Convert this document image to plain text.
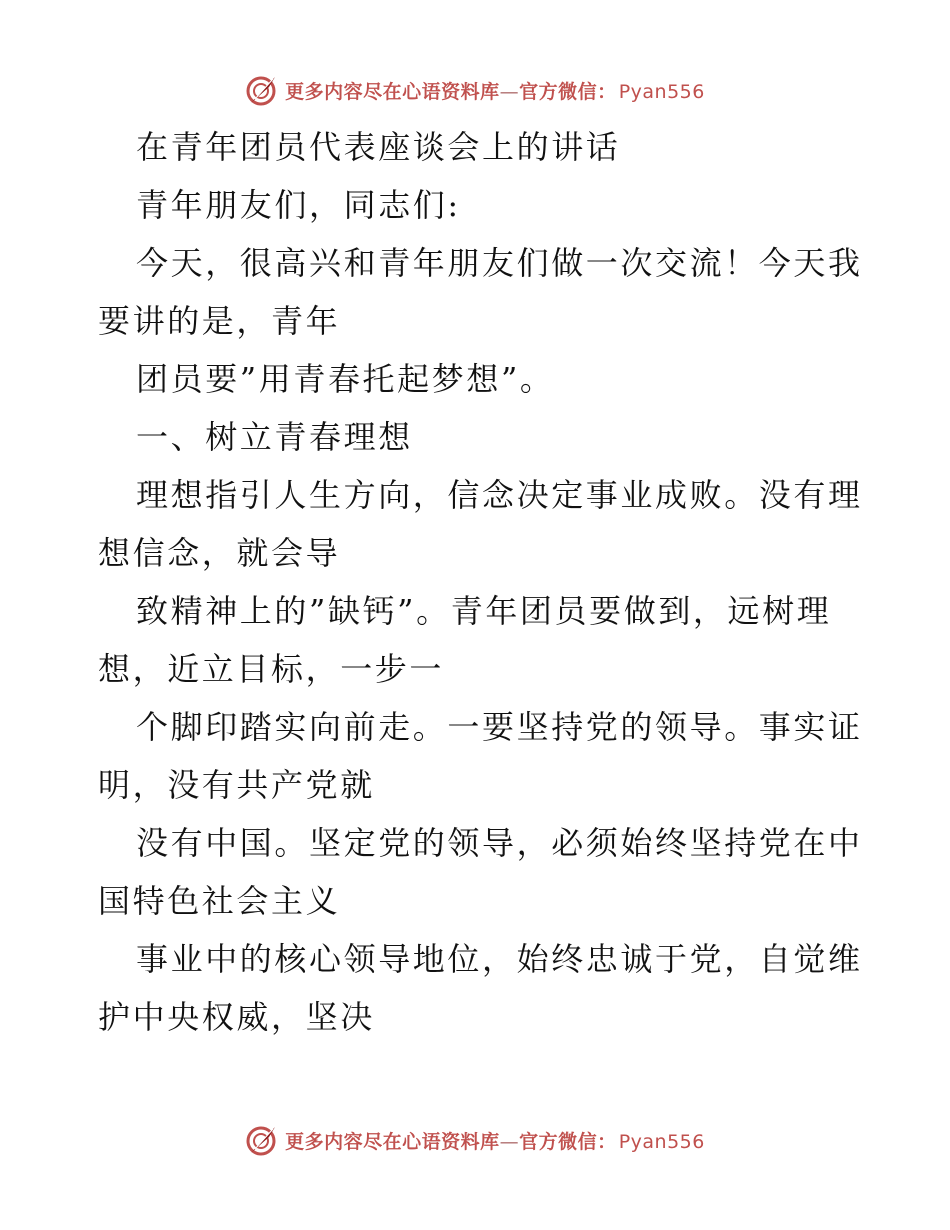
更多内容尽在心语资料库—官方微信： Pyan556
在青年团员代表座谈会上的讲话
青年朋友们，同志们:
今天，很高兴和青年朋友们做一次交流！今天我
要讲的是，青年
团员要”用青春托起梦想”。
一、树立青春理想
理想指引人生方向，信念决定事业成败。没有理
想信念，就会导
致精神上的”缺钙”。青年团员要做到，远树理
想，近立目标，一步一
个脚印踏实向前走。一要坚持党的领导。事实证
明，没有共产党就
没有中国。坚定党的领导，必须始终坚持党在中
国特色社会主义
事业中的核心领导地位，始终忠诚于党，自觉维
护中央权威，坚决
更多内容尽在心语资料库—官方微信： Pyan556
